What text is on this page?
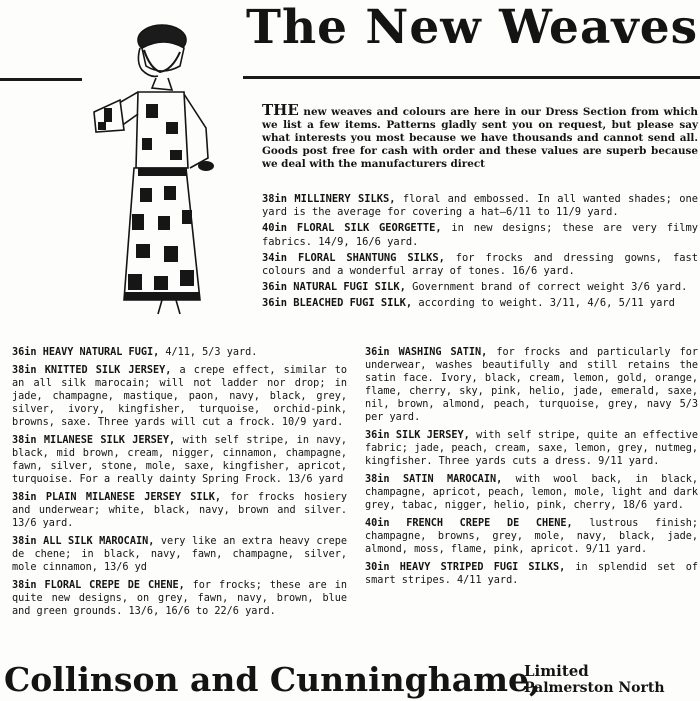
The New Weaves

THE new weaves and colours are here in our Dress Section from which we list a few items. Patterns gladly sent you on request, but please say what interests you most because we have thousands and cannot send all. Goods post free for cash with order and these values are superb because we deal with the manufacturers direct

38in MILLINERY SILKS, floral and embossed. In all wanted shades; one yard is the average for covering a hat—6/11 to 11/9 yard.
40in FLORAL SILK GEORGETTE, in new designs; these are very filmy fabrics. 14/9, 16/6 yard.
34in FLORAL SHANTUNG SILKS, for frocks and dressing gowns, fast colours and a wonderful array of tones. 16/6 yard.
36in NATURAL FUGI SILK, Government brand of correct weight 3/6 yard.
36in BLEACHED FUGI SILK, according to weight. 3/11, 4/6, 5/11 yard
36in HEAVY NATURAL FUGI, 4/11, 5/3 yard.
38in KNITTED SILK JERSEY, a crepe effect, similar to an all silk marocain; will not ladder nor drop; in jade, champagne, mastique, paon, navy, black, grey, silver, ivory, kingfisher, turquoise, orchid-pink, browns, saxe. Three yards will cut a frock. 10/9 yard.
38in MILANESE SILK JERSEY, with self stripe, in navy, black, mid brown, cream, nigger, cinnamon, champagne, fawn, silver, stone, mole, saxe, kingfisher, apricot, turquoise. For a really dainty Spring Frock. 13/6 yard
38in PLAIN MILANESE JERSEY SILK, for frocks hosiery and underwear; white, black, navy, brown and silver. 13/6 yard.
38in ALL SILK MAROCAIN, very like an extra heavy crepe de chene; in black, navy, fawn, champagne, silver, mole cinnamon, 13/6 yd
38in FLORAL CREPE DE CHENE, for frocks; these are in quite new designs, on grey, fawn, navy, brown, blue and green grounds. 13/6, 16/6 to 22/6 yard.
36in WASHING SATIN, for frocks and particularly for underwear, washes beautifully and still retains the satin face. Ivory, black, cream, lemon, gold, orange, flame, cherry, sky, pink, helio, jade, emerald, saxe, nil, brown, almond, peach, turquoise, grey, navy 5/3 per yard.
36in SILK JERSEY, with self stripe, quite an effective fabric; jade, peach, cream, saxe, lemon, grey, nutmeg, kingfisher. Three yards cuts a dress. 9/11 yard.
38in SATIN MAROCAIN, with wool back, in black, champagne, apricot, peach, lemon, mole, light and dark grey, tabac, nigger, helio, pink, cherry, 18/6 yard.
40in FRENCH CREPE DE CHENE, lustrous finish; champagne, browns, grey, mole, navy, black, jade, almond, moss, flame, pink, apricot. 9/11 yard.
30in HEAVY STRIPED FUGI SILKS, in splendid set of smart stripes. 4/11 yard.
Collinson and Cunninghame,
Limited
Palmerston North
